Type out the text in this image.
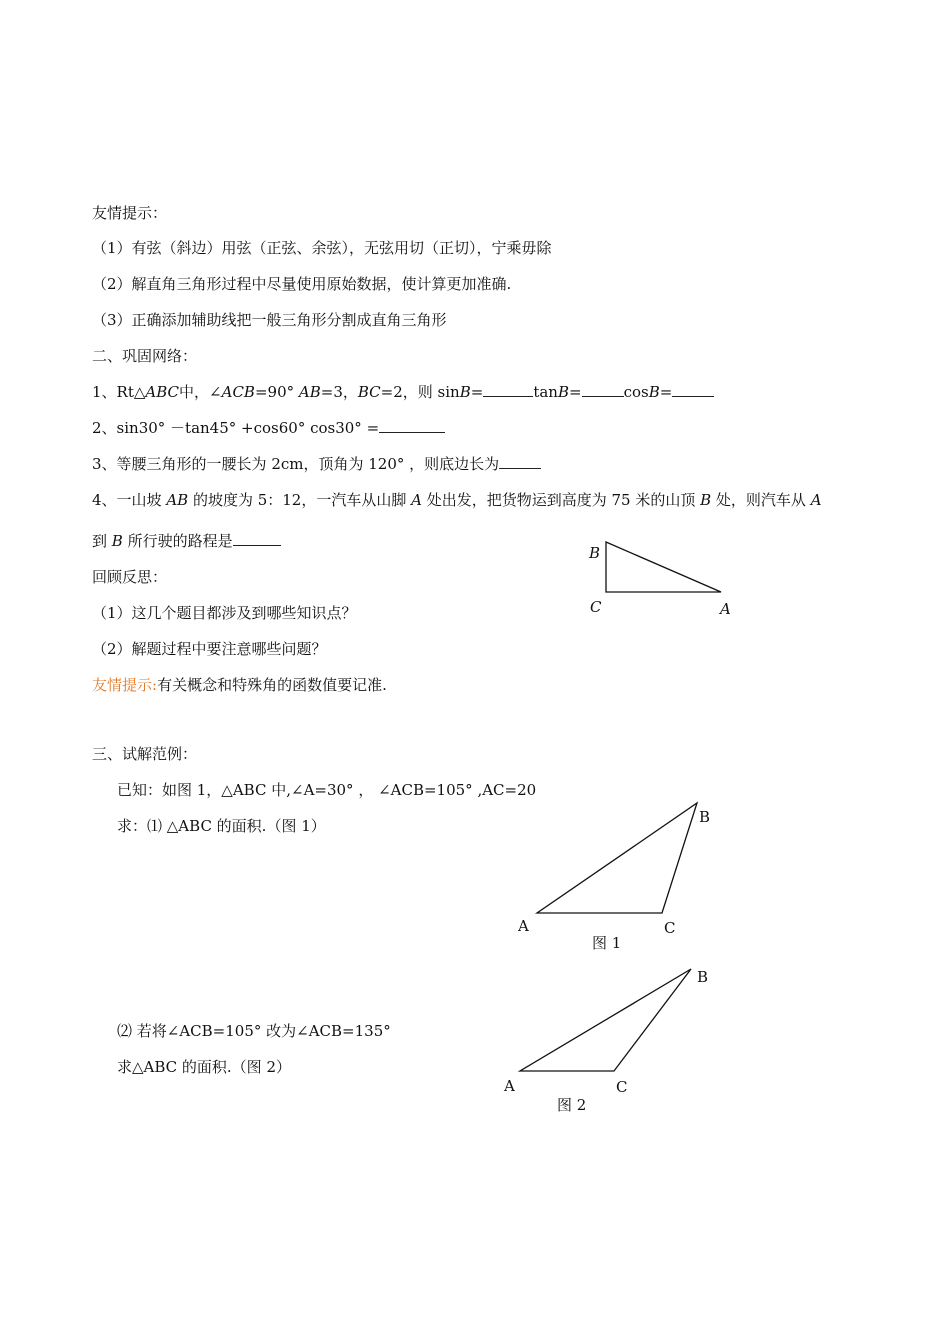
友情提示：
（1）有弦（斜边）用弦（正弦、余弦），无弦用切（正切），宁乘毋除
（2）解直角三角形过程中尽量使用原始数据，使计算更加准确.
（3）正确添加辅助线把一般三角形分割成直角三角形
二、巩固网络：
1、Rt△ABC中，∠ACB=90° AB=3，BC=2，则 sinB=	tanB=	cosB=
2、sin30° －tan45° +cos60° cos30° =
3、等腰三角形的一腰长为 2cm，顶角为 120° ，则底边长为
4、一山坡 AB 的坡度为 5：12，一汽车从山脚 A 处出发，把货物运到高度为 75 米的山顶 B 处，则汽车从 A
到 B 所行驶的路程是
回顾反思：
（1）这几个题目都涉及到哪些知识点？
（2）解题过程中要注意哪些问题？
友情提示:有关概念和特殊角的函数值要记准.
三、试解范例：
已知：如图 1，△ABC 中,∠A=30° ， ∠ACB=105° ,AC=20
求：⑴ △ABC 的面积.（图 1）
⑵ 若将∠ACB=105° 改为∠ACB=135°
求△ABC 的面积.（图 2）
B
C	A
B
A	C
图 1
B
A	C
图 2
